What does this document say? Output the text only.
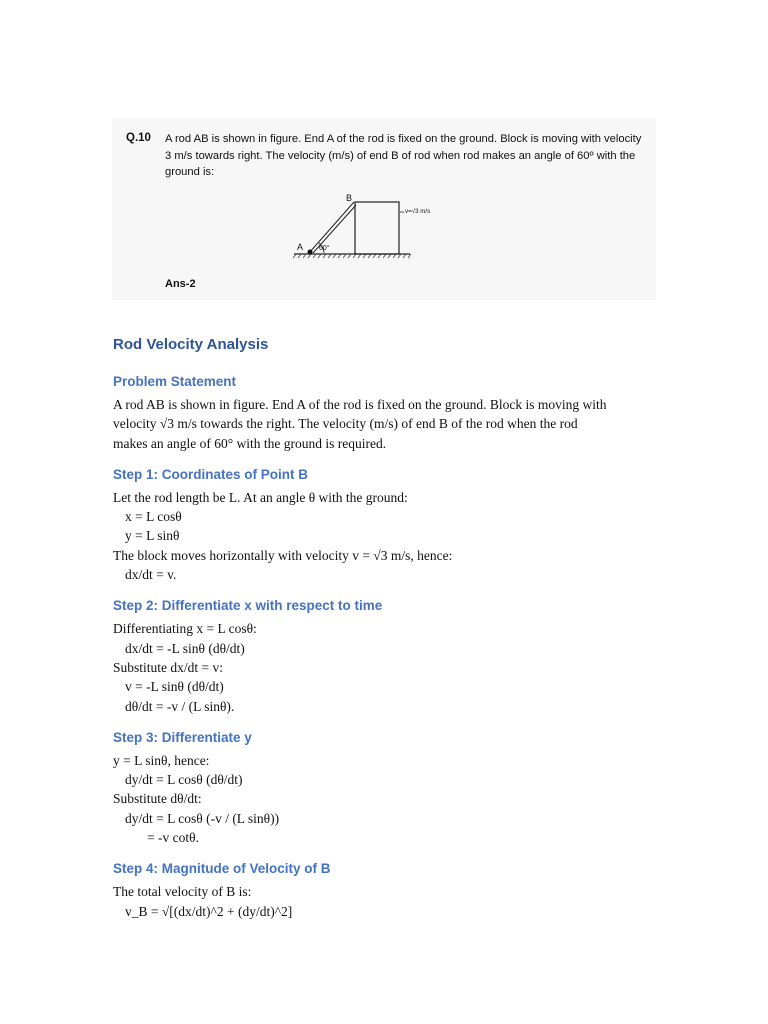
Q.10 A rod AB is shown in figure. End A of the rod is fixed on the ground. Block is moving with velocity 3 m/s towards right. The velocity (m/s) of end B of rod when rod makes an angle of 60º with the ground is:
A
B
60°
v=√3 m/s
Ans-2
Rod Velocity Analysis
Problem Statement
A rod AB is shown in figure. End A of the rod is fixed on the ground. Block is moving with
velocity √3 m/s towards the right. The velocity (m/s) of end B of the rod when the rod
makes an angle of 60° with the ground is required.
Step 1: Coordinates of Point B
Let the rod length be L. At an angle θ with the ground:
x = L cosθ
y = L sinθ
The block moves horizontally with velocity v = √3 m/s, hence:
dx/dt = v.
Step 2: Differentiate x with respect to time
Differentiating x = L cosθ:
dx/dt = -L sinθ (dθ/dt)
Substitute dx/dt = v:
v = -L sinθ (dθ/dt)
dθ/dt = -v / (L sinθ).
Step 3: Differentiate y
y = L sinθ, hence:
dy/dt = L cosθ (dθ/dt)
Substitute dθ/dt:
dy/dt = L cosθ (-v / (L sinθ))
= -v cotθ.
Step 4: Magnitude of Velocity of B
The total velocity of B is:
v_B = √[(dx/dt)^2 + (dy/dt)^2]
